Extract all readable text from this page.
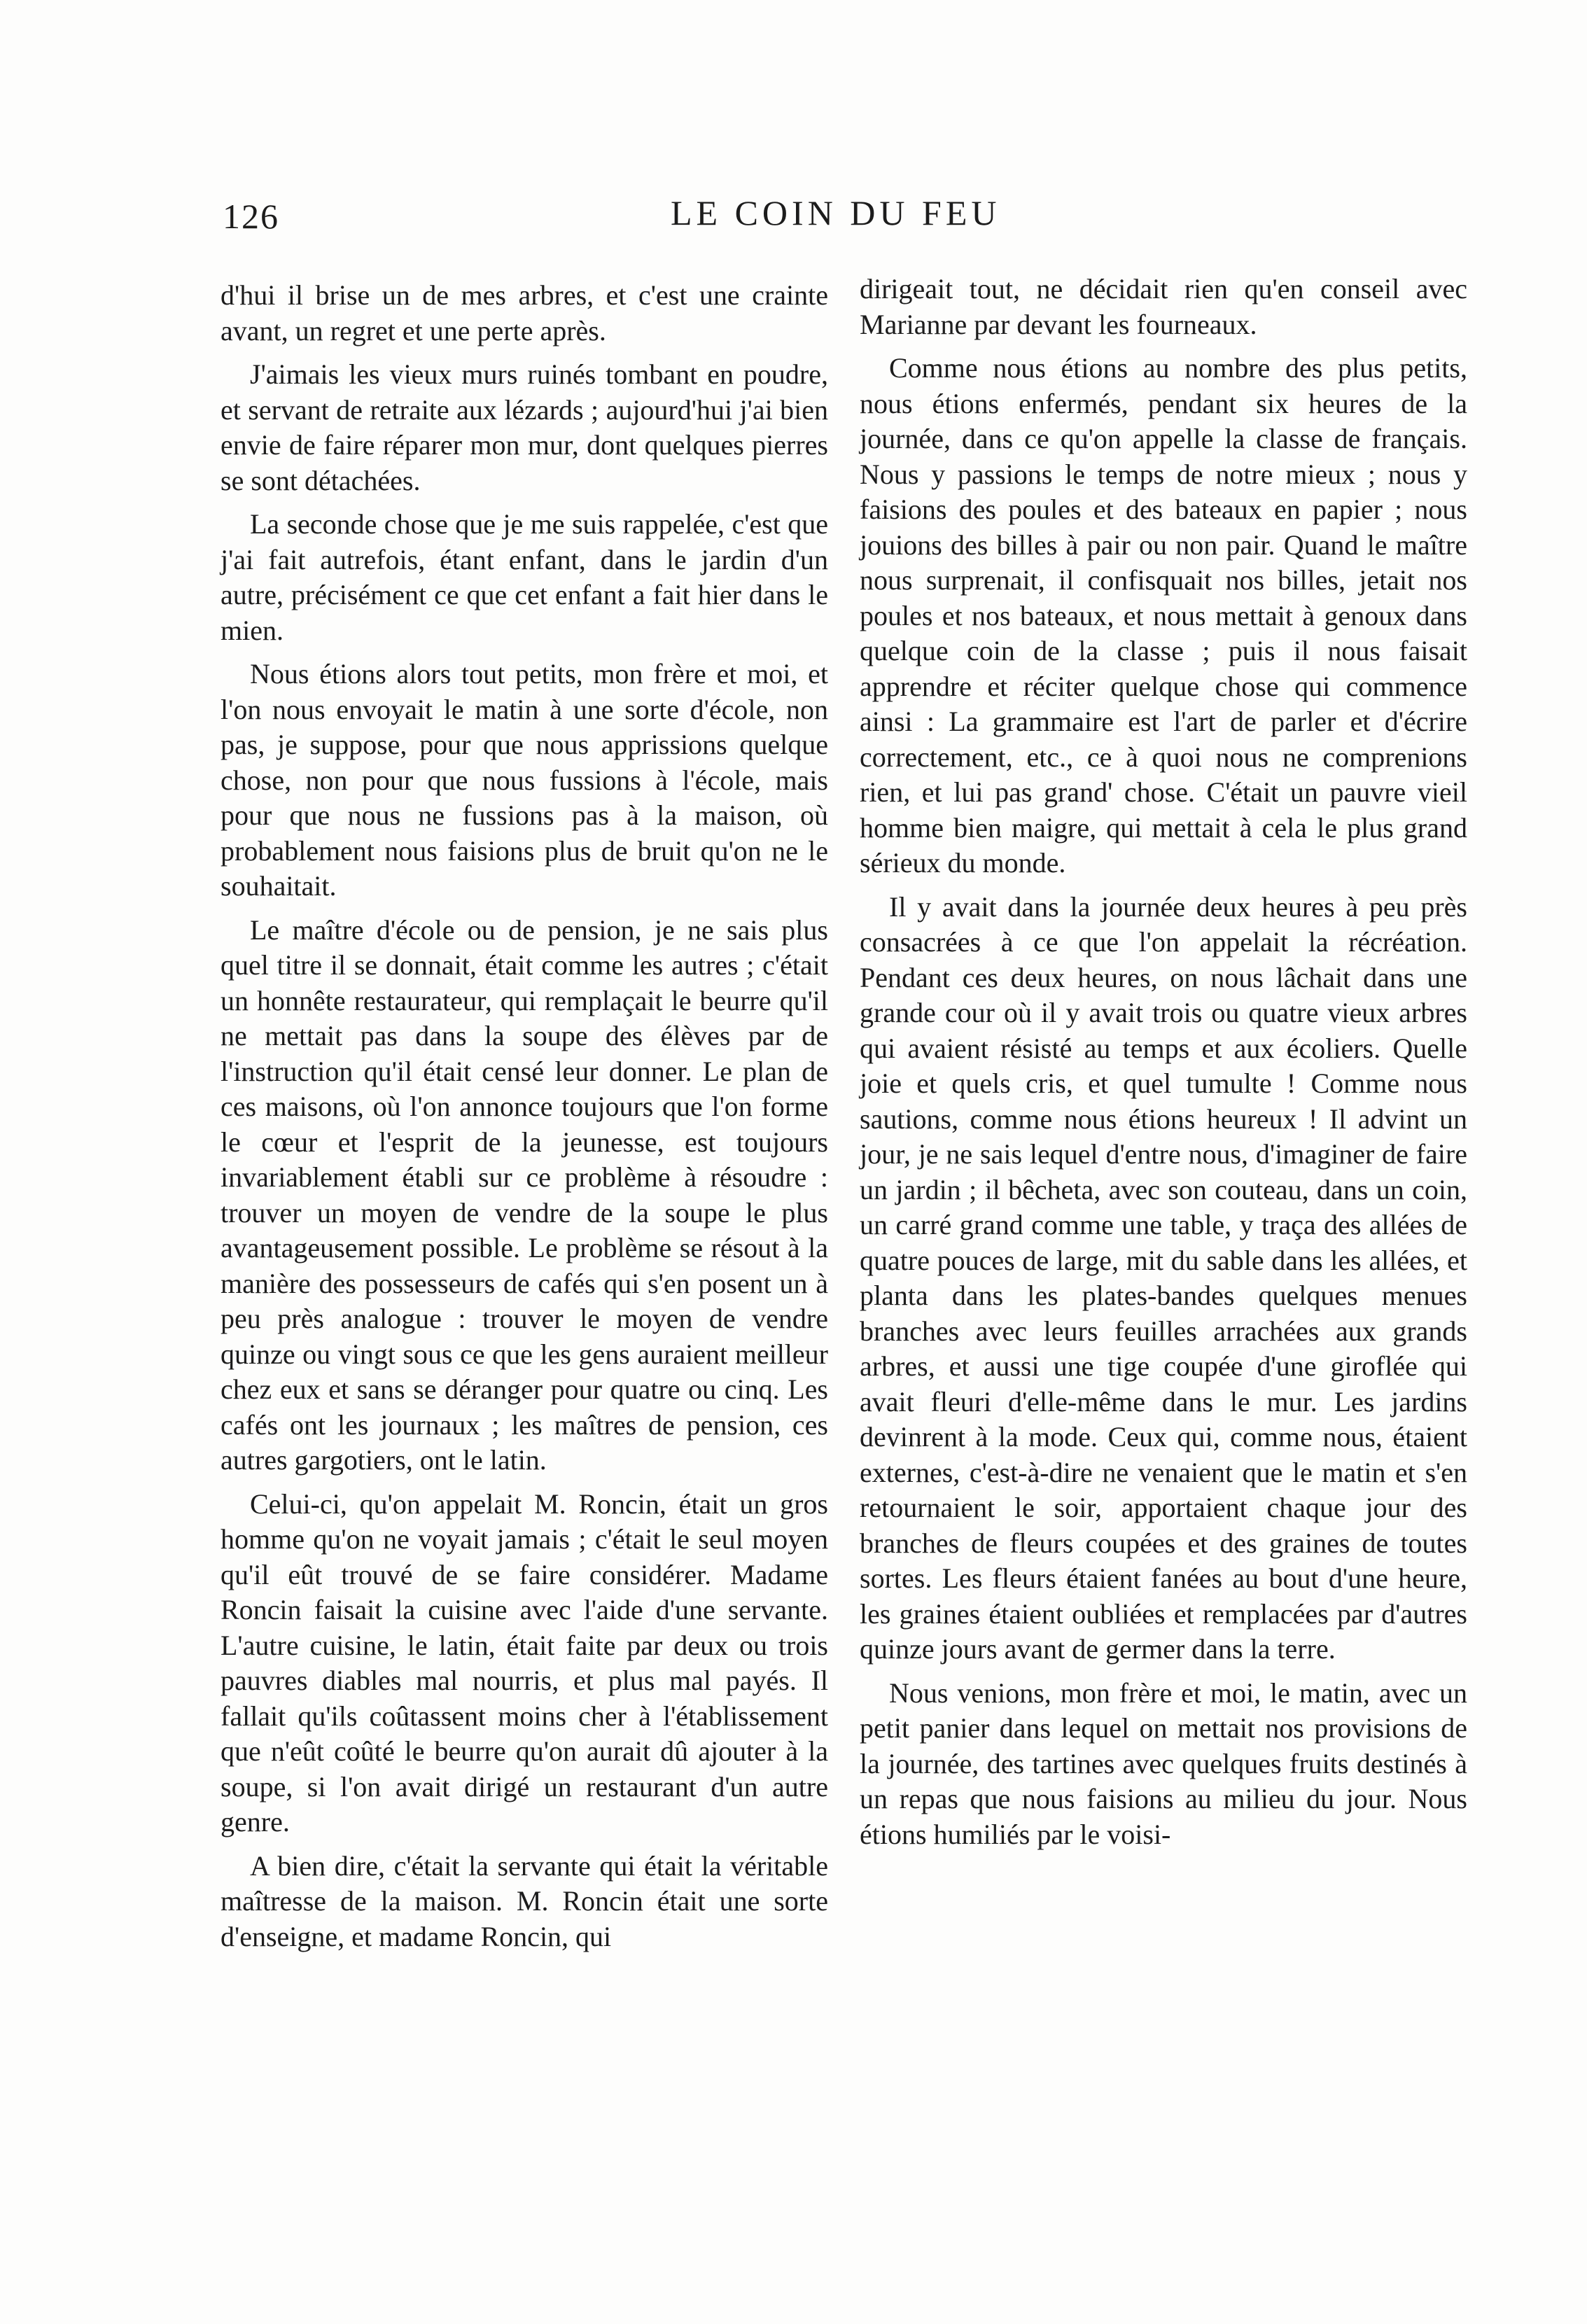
126	LE COIN DU FEU

d'hui il brise un de mes arbres, et c'est une crainte avant, un regret et une perte après.

J'aimais les vieux murs ruinés tombant en poudre, et servant de retraite aux lézards ; aujourd'hui j'ai bien envie de faire réparer mon mur, dont quelques pierres se sont détachées.

La seconde chose que je me suis rappelée, c'est que j'ai fait autrefois, étant enfant, dans le jardin d'un autre, précisément ce que cet enfant a fait hier dans le mien.

Nous étions alors tout petits, mon frère et moi, et l'on nous envoyait le matin à une sorte d'école, non pas, je suppose, pour que nous apprissions quelque chose, non pour que nous fussions à l'école, mais pour que nous ne fussions pas à la maison, où probablement nous faisions plus de bruit qu'on ne le souhaitait.

Le maître d'école ou de pension, je ne sais plus quel titre il se donnait, était comme les autres ; c'était un honnête restaurateur, qui remplaçait le beurre qu'il ne mettait pas dans la soupe des élèves par de l'instruction qu'il était censé leur donner. Le plan de ces maisons, où l'on annonce toujours que l'on forme le cœur et l'esprit de la jeunesse, est toujours invariablement établi sur ce problème à résoudre : trouver un moyen de vendre de la soupe le plus avantageusement possible. Le problème se résout à la manière des possesseurs de cafés qui s'en posent un à peu près analogue : trouver le moyen de vendre quinze ou vingt sous ce que les gens auraient meilleur chez eux et sans se déranger pour quatre ou cinq. Les cafés ont les journaux ; les maîtres de pension, ces autres gargotiers, ont le latin.

Celui-ci, qu'on appelait M. Roncin, était un gros homme qu'on ne voyait jamais ; c'était le seul moyen qu'il eût trouvé de se faire considérer. Madame Roncin faisait la cuisine avec l'aide d'une servante. L'autre cuisine, le latin, était faite par deux ou trois pauvres diables mal nourris, et plus mal payés. Il fallait qu'ils coûtassent moins cher à l'établissement que n'eût coûté le beurre qu'on aurait dû ajouter à la soupe, si l'on avait dirigé un restaurant d'un autre genre.

A bien dire, c'était la servante qui était la véritable maîtresse de la maison. M. Roncin était une sorte d'enseigne, et madame Roncin, qui

dirigeait tout, ne décidait rien qu'en conseil avec Marianne par devant les fourneaux.

Comme nous étions au nombre des plus petits, nous étions enfermés, pendant six heures de la journée, dans ce qu'on appelle la classe de français. Nous y passions le temps de notre mieux ; nous y faisions des poules et des bateaux en papier ; nous jouions des billes à pair ou non pair. Quand le maître nous surprenait, il confisquait nos billes, jetait nos poules et nos bateaux, et nous mettait à genoux dans quelque coin de la classe ; puis il nous faisait apprendre et réciter quelque chose qui commence ainsi : La grammaire est l'art de parler et d'écrire correctement, etc., ce à quoi nous ne comprenions rien, et lui pas grand' chose. C'était un pauvre vieil homme bien maigre, qui mettait à cela le plus grand sérieux du monde.

Il y avait dans la journée deux heures à peu près consacrées à ce que l'on appelait la récréation. Pendant ces deux heures, on nous lâchait dans une grande cour où il y avait trois ou quatre vieux arbres qui avaient résisté au temps et aux écoliers. Quelle joie et quels cris, et quel tumulte ! Comme nous sautions, comme nous étions heureux ! Il advint un jour, je ne sais lequel d'entre nous, d'imaginer de faire un jardin ; il bêcheta, avec son couteau, dans un coin, un carré grand comme une table, y traça des allées de quatre pouces de large, mit du sable dans les allées, et planta dans les plates-bandes quelques menues branches avec leurs feuilles arrachées aux grands arbres, et aussi une tige coupée d'une giroflée qui avait fleuri d'elle-même dans le mur. Les jardins devinrent à la mode. Ceux qui, comme nous, étaient externes, c'est-à-dire ne venaient que le matin et s'en retournaient le soir, apportaient chaque jour des branches de fleurs coupées et des graines de toutes sortes. Les fleurs étaient fanées au bout d'une heure, les graines étaient oubliées et remplacées par d'autres quinze jours avant de germer dans la terre.

Nous venions, mon frère et moi, le matin, avec un petit panier dans lequel on mettait nos provisions de la journée, des tartines avec quelques fruits destinés à un repas que nous faisions au milieu du jour. Nous étions humiliés par le voisi-
